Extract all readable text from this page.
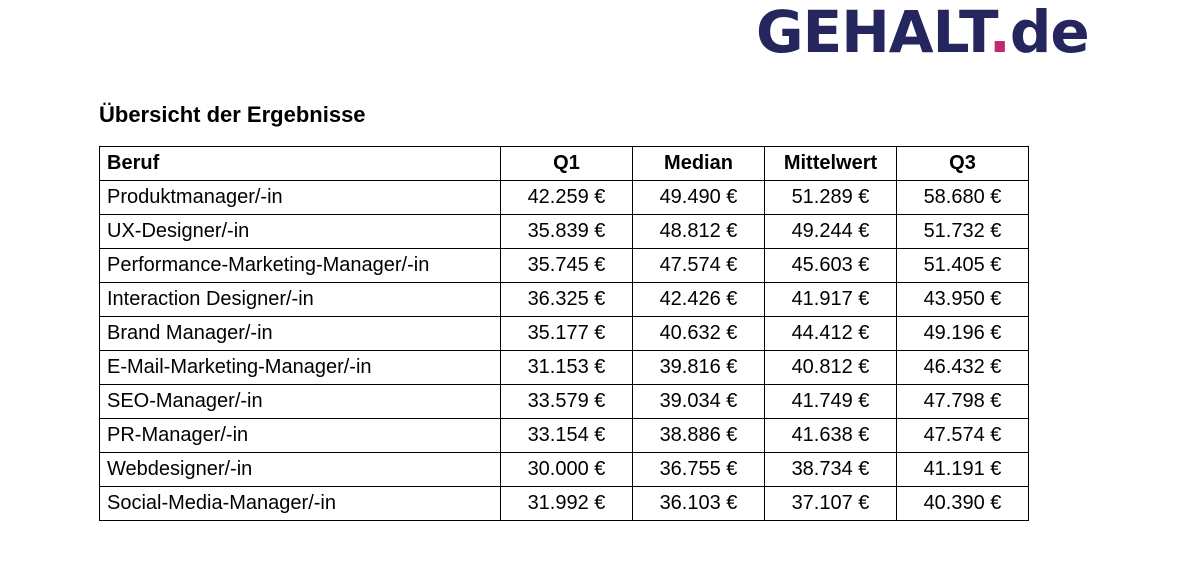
GEHALT.de
Übersicht der Ergebnisse
Beruf	Q1	Median	Mittelwert	Q3
Produktmanager/-in	42.259 €	49.490 €	51.289 €	58.680 €
UX-Designer/-in	35.839 €	48.812 €	49.244 €	51.732 €
Performance-Marketing-Manager/-in	35.745 €	47.574 €	45.603 €	51.405 €
Interaction Designer/-in	36.325 €	42.426 €	41.917 €	43.950 €
Brand Manager/-in	35.177 €	40.632 €	44.412 €	49.196 €
E-Mail-Marketing-Manager/-in	31.153 €	39.816 €	40.812 €	46.432 €
SEO-Manager/-in	33.579 €	39.034 €	41.749 €	47.798 €
PR-Manager/-in	33.154 €	38.886 €	41.638 €	47.574 €
Webdesigner/-in	30.000 €	36.755 €	38.734 €	41.191 €
Social-Media-Manager/-in	31.992 €	36.103 €	37.107 €	40.390 €
